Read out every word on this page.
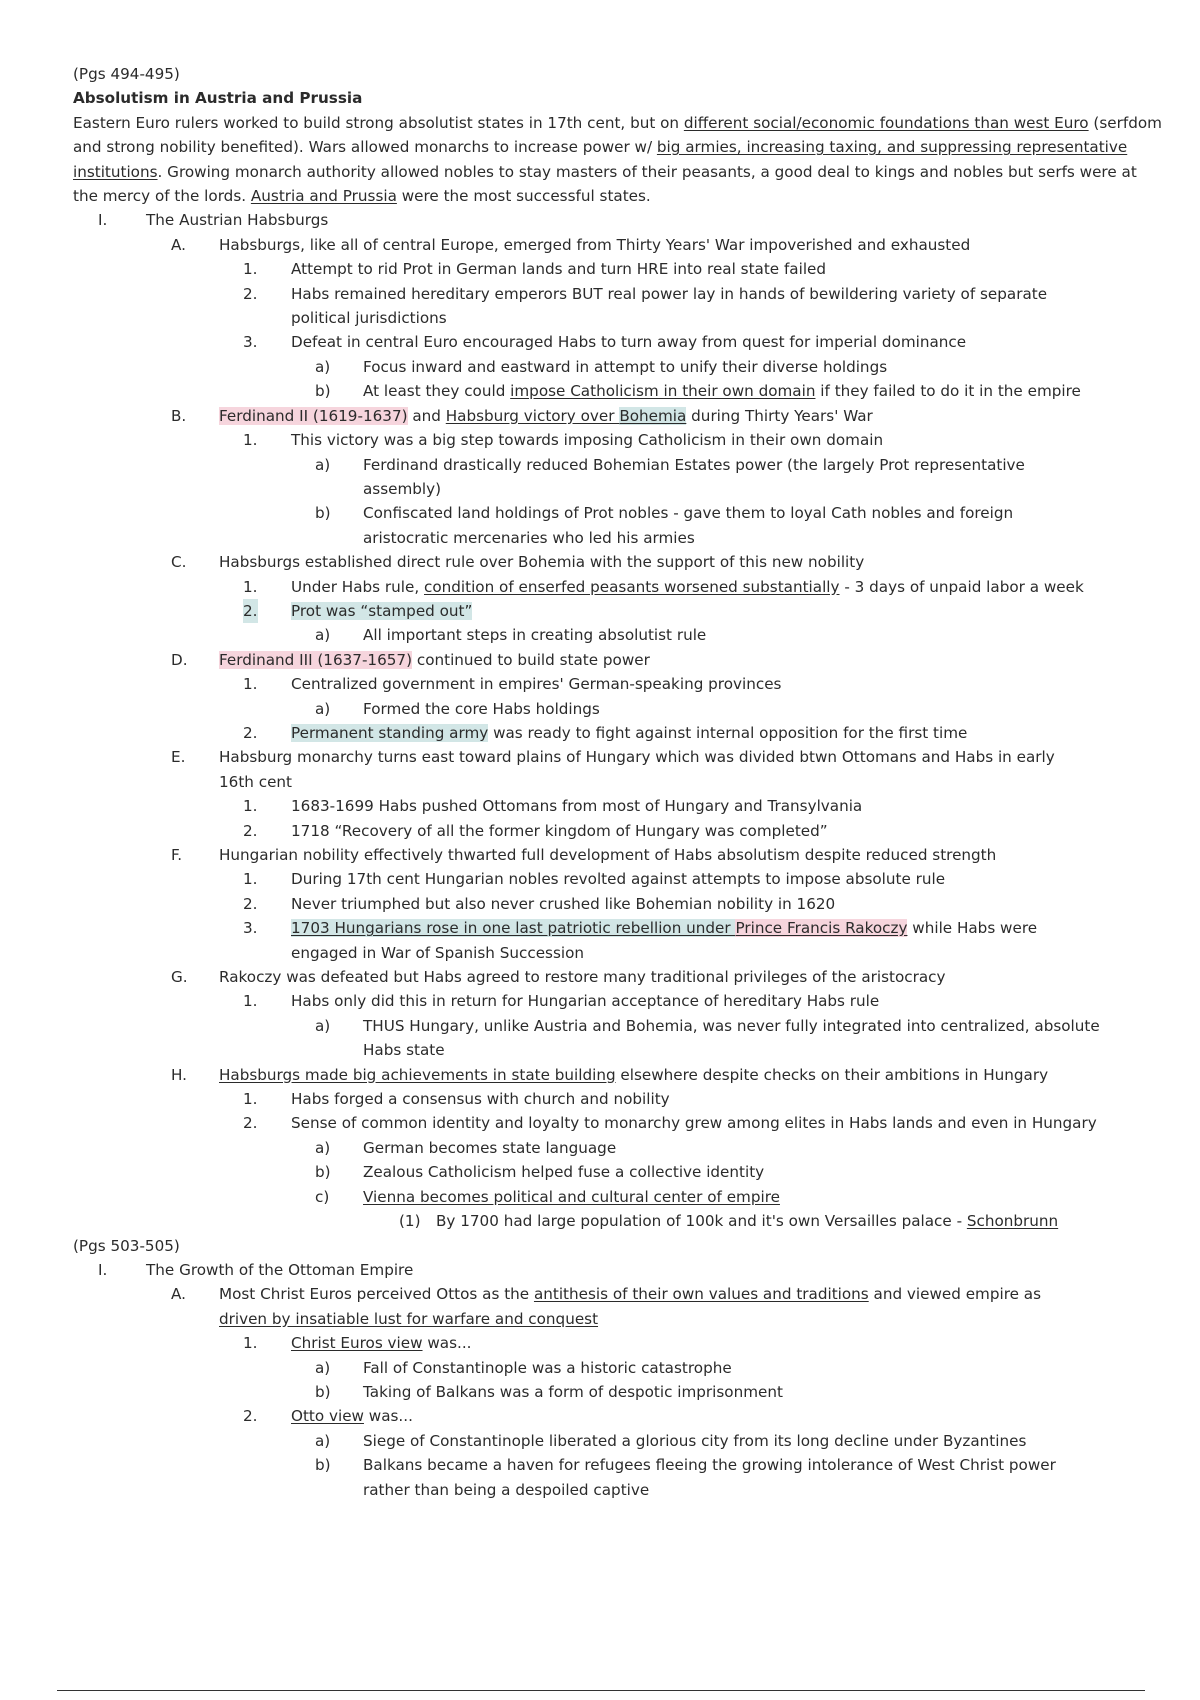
(Pgs 494-495)
Absolutism in Austria and Prussia
Eastern Euro rulers worked to build strong absolutist states in 17th cent, but on different social/economic foundations than west Euro (serfdom and strong nobility benefited). Wars allowed monarchs to increase power w/ big armies, increasing taxing, and suppressing representative institutions. Growing monarch authority allowed nobles to stay masters of their peasants, a good deal to kings and nobles but serfs were at the mercy of the lords. Austria and Prussia were the most successful states.
I.	The Austrian Habsburgs
A. Habsburgs, like all of central Europe, emerged from Thirty Years' War impoverished and exhausted
1. Attempt to rid Prot in German lands and turn HRE into real state failed
2. Habs remained hereditary emperors BUT real power lay in hands of bewildering variety of separate
political jurisdictions
3. Defeat in central Euro encouraged Habs to turn away from quest for imperial dominance
a) Focus inward and eastward in attempt to unify their diverse holdings
b) At least they could impose Catholicism in their own domain if they failed to do it in the empire
B. Ferdinand II (1619-1637) and Habsburg victory over Bohemia during Thirty Years' War
1. This victory was a big step towards imposing Catholicism in their own domain
a) Ferdinand drastically reduced Bohemian Estates power (the largely Prot representative
assembly)
b) Confiscated land holdings of Prot nobles - gave them to loyal Cath nobles and foreign
aristocratic mercenaries who led his armies
C. Habsburgs established direct rule over Bohemia with the support of this new nobility
1. Under Habs rule, condition of enserfed peasants worsened substantially - 3 days of unpaid labor a week
2. Prot was “stamped out”
a) All important steps in creating absolutist rule
D. Ferdinand III (1637-1657) continued to build state power
1. Centralized government in empires' German-speaking provinces
a) Formed the core Habs holdings
2. Permanent standing army was ready to fight against internal opposition for the first time
E. Habsburg monarchy turns east toward plains of Hungary which was divided btwn Ottomans and Habs in early
16th cent
1. 1683-1699 Habs pushed Ottomans from most of Hungary and Transylvania
2. 1718 “Recovery of all the former kingdom of Hungary was completed”
F. Hungarian nobility effectively thwarted full development of Habs absolutism despite reduced strength
1. During 17th cent Hungarian nobles revolted against attempts to impose absolute rule
2. Never triumphed but also never crushed like Bohemian nobility in 1620
3. 1703 Hungarians rose in one last patriotic rebellion under Prince Francis Rakoczy while Habs were
engaged in War of Spanish Succession
G. Rakoczy was defeated but Habs agreed to restore many traditional privileges of the aristocracy
1. Habs only did this in return for Hungarian acceptance of hereditary Habs rule
a) THUS Hungary, unlike Austria and Bohemia, was never fully integrated into centralized, absolute
Habs state
H. Habsburgs made big achievements in state building elsewhere despite checks on their ambitions in Hungary
1. Habs forged a consensus with church and nobility
2. Sense of common identity and loyalty to monarchy grew among elites in Habs lands and even in Hungary
a) German becomes state language
b) Zealous Catholicism helped fuse a collective identity
c) Vienna becomes political and cultural center of empire
(1) By 1700 had large population of 100k and it's own Versailles palace - Schonbrunn
(Pgs 503-505)
I.	The Growth of the Ottoman Empire
A. Most Christ Euros perceived Ottos as the antithesis of their own values and traditions and viewed empire as
driven by insatiable lust for warfare and conquest
1. Christ Euros view was...
a) Fall of Constantinople was a historic catastrophe
b) Taking of Balkans was a form of despotic imprisonment
2. Otto view was...
a) Siege of Constantinople liberated a glorious city from its long decline under Byzantines
b) Balkans became a haven for refugees fleeing the growing intolerance of West Christ power
rather than being a despoiled captive
